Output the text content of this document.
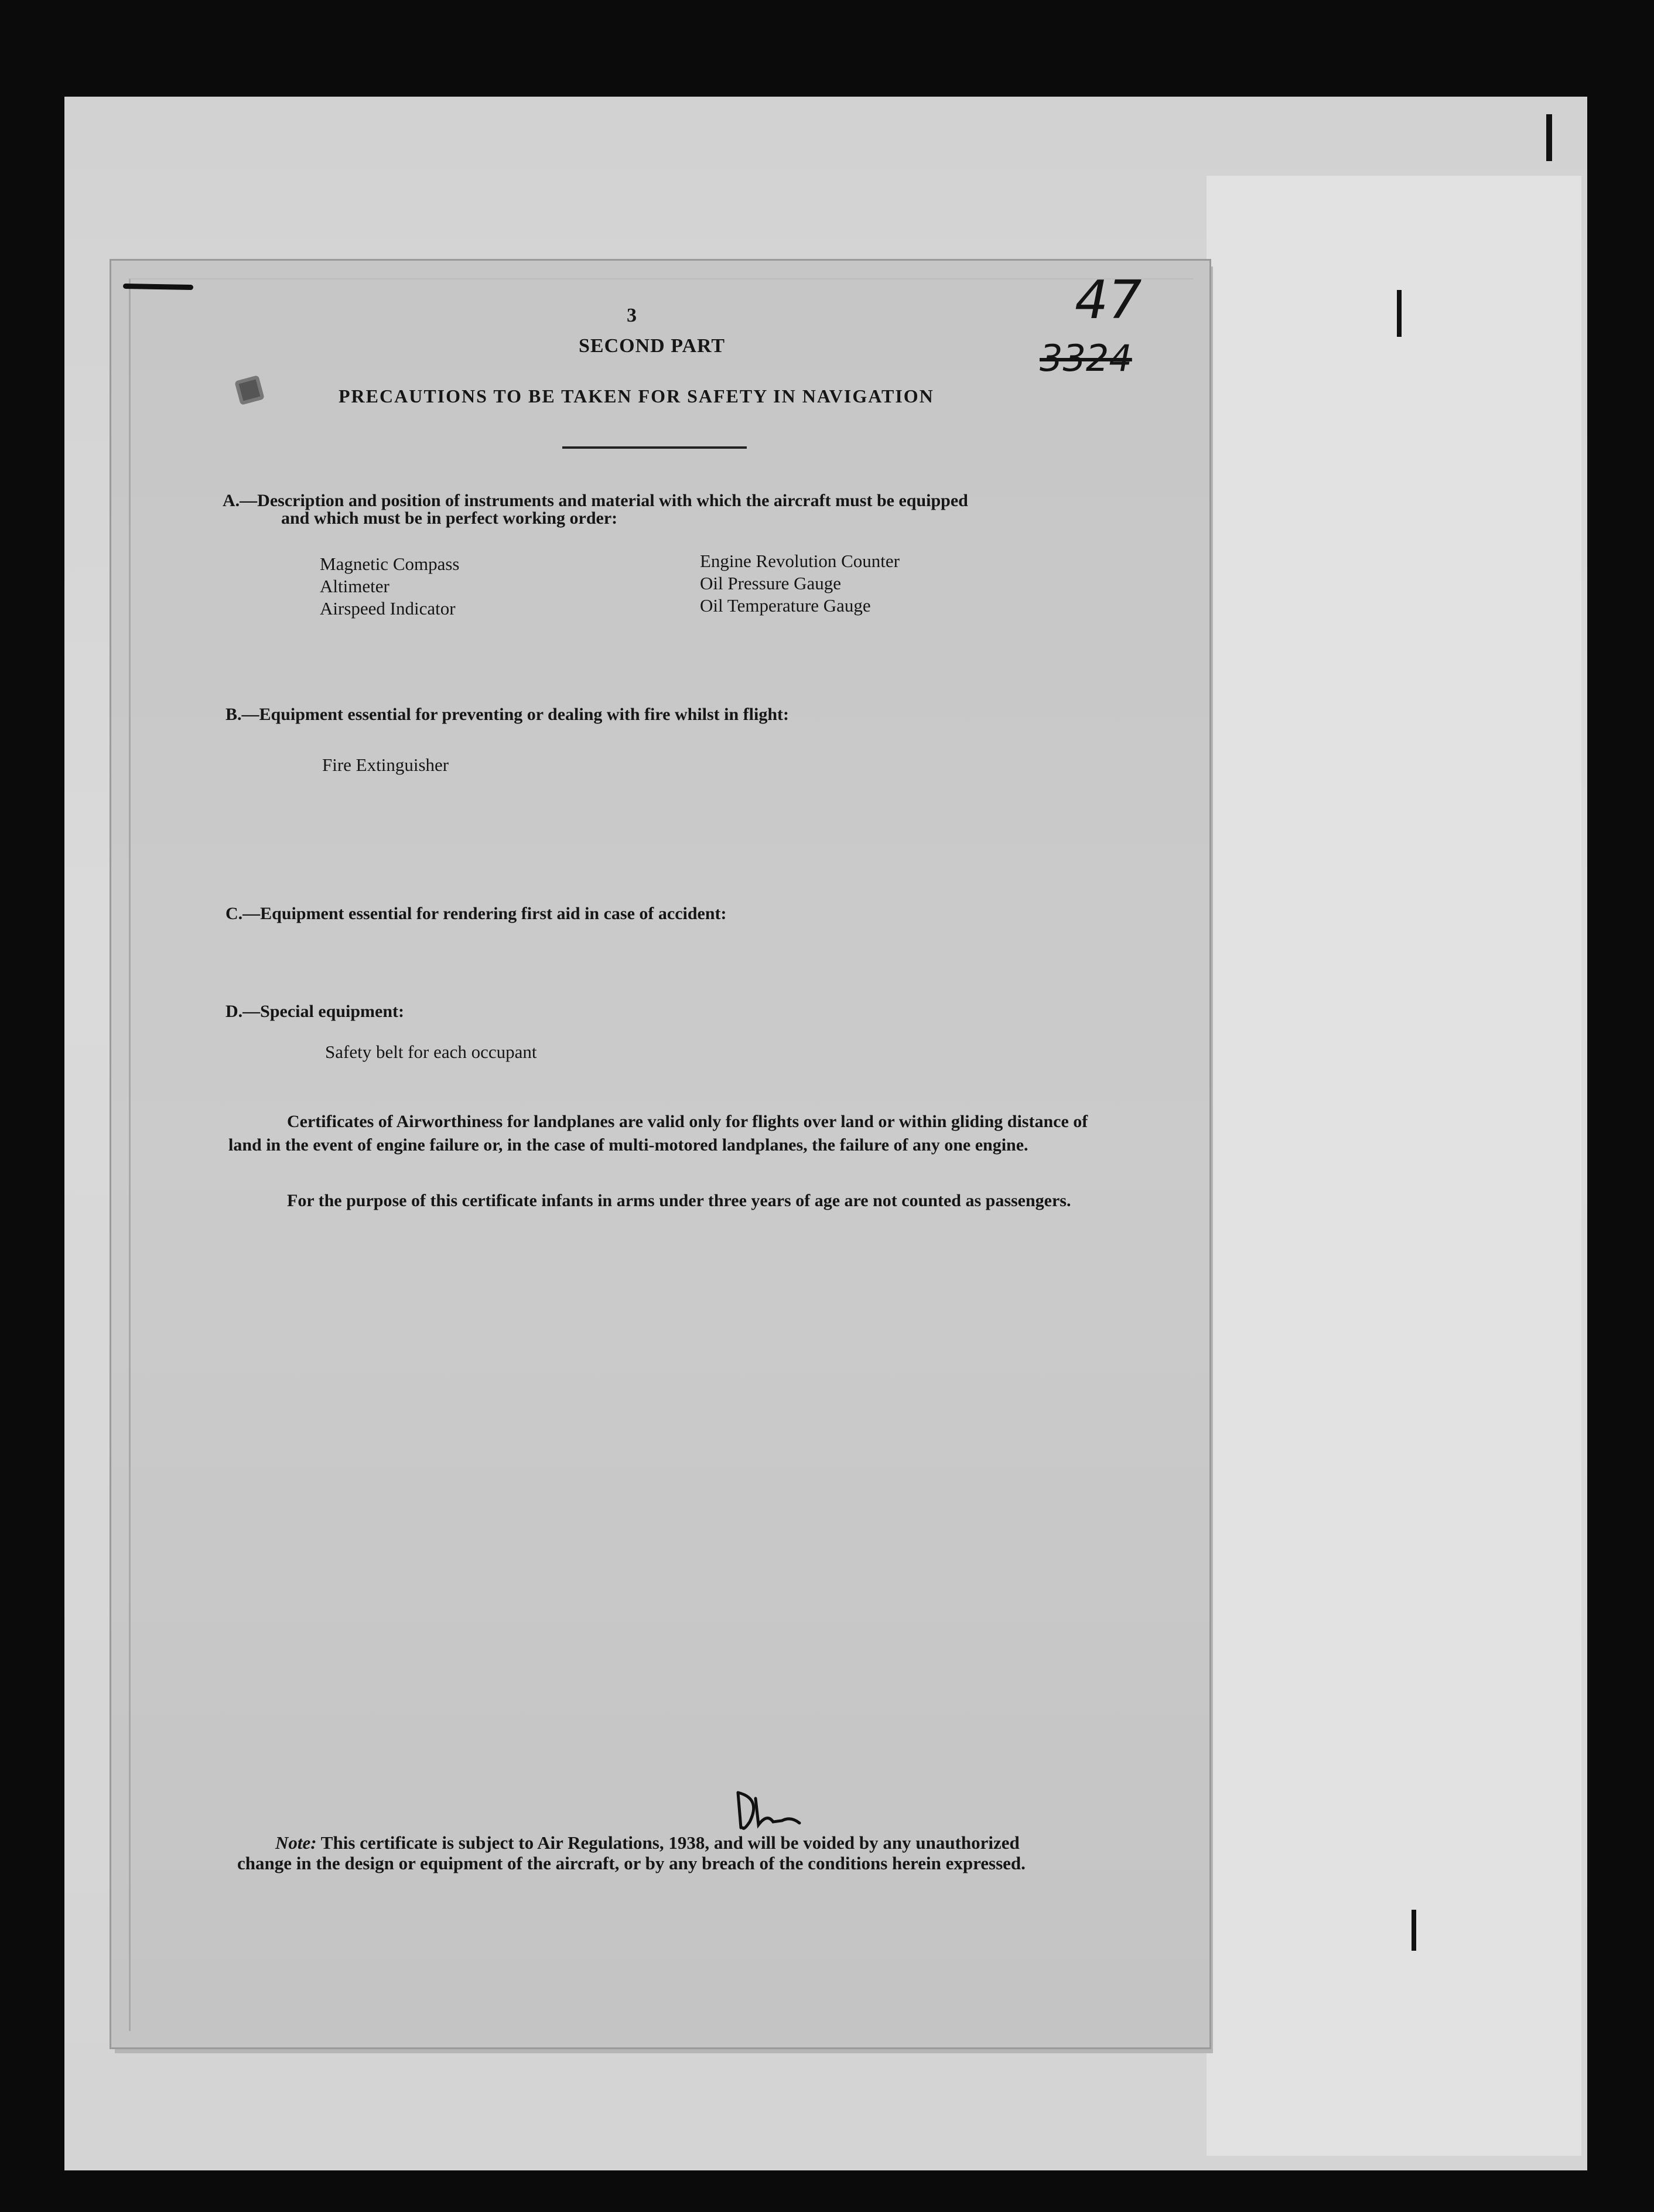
47
3324
3
SECOND PART
PRECAUTIONS TO BE TAKEN FOR SAFETY IN NAVIGATION
A.—Description and position of instruments and material with which the aircraft must be equipped
and which must be in perfect working order:
Magnetic Compass
Altimeter
Airspeed Indicator
Engine Revolution Counter
Oil Pressure Gauge
Oil Temperature Gauge
B.—Equipment essential for preventing or dealing with fire whilst in flight:
Fire Extinguisher
C.—Equipment essential for rendering first aid in case of accident:
D.—Special equipment:
Safety belt for each occupant
Certificates of Airworthiness for landplanes are valid only for flights over land or within gliding distance of land in the event of engine failure or, in the case of multi-motored landplanes, the failure of any one engine.
For the purpose of this certificate infants in arms under three years of age are not counted as passengers.
Note: This certificate is subject to Air Regulations, 1938, and will be voided by any unauthorized
change in the design or equipment of the aircraft, or by any breach of the conditions herein expressed.
